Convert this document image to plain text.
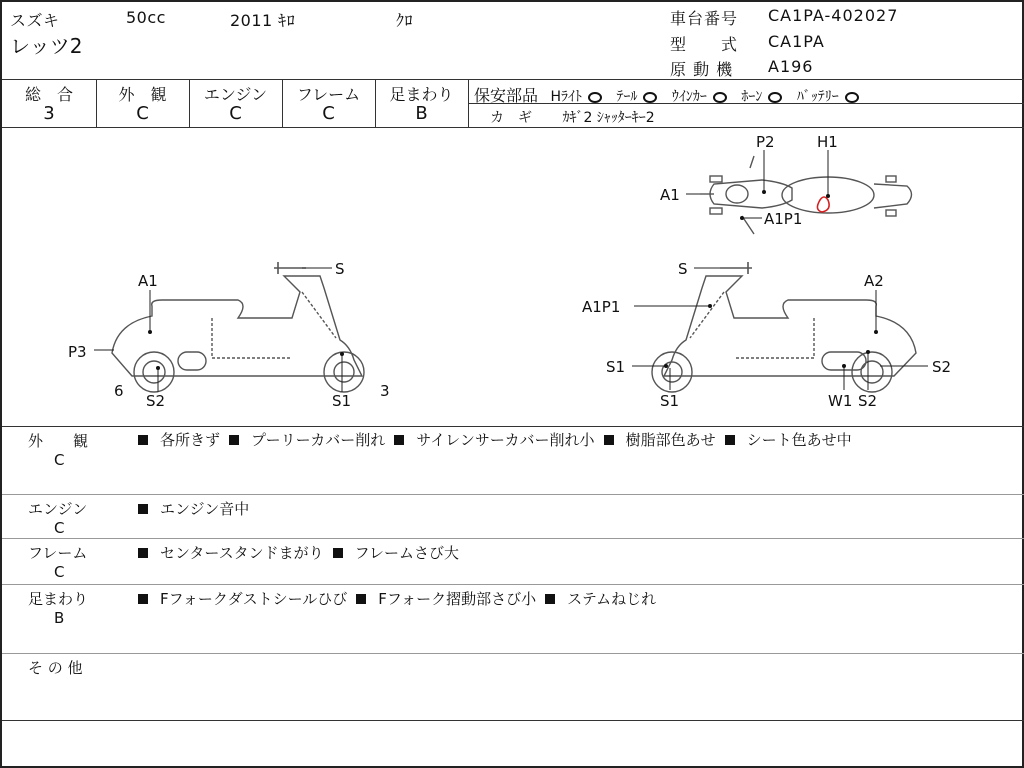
スズキ	50cc	2011 ｷﾛ	ｸﾛ
レッツ2
車台番号 CA1PA-402027
型　　式 CA1PA
原 動 機 A196
総　合
3
外　観
C
エンジン
C
フレーム
C
足まわり
B
保安部品 Hﾗｲﾄ ﾃｰﾙ ｳｲﾝｶｰ ﾎｰﾝ ﾊﾞｯﾃﾘｰ
カ　ギ ｶｷﾞ2 ｼｬｯﾀｰｷｰ2
P2	H1
A1
A1P1
A1
S
P3
6
S2	S1
3
S
A1P1
A2
S1
S1	W1 S2
S2
外　　観
C
各所きず プーリーカバー削れ サイレンサーカバー削れ小 樹脂部色あせ シート色あせ中
エンジン
C
エンジン音中
フレーム
C
センタースタンドまがり フレームさび大
足まわり
B
Fフォークダストシールひび Fフォーク摺動部さび小 ステムねじれ
そ の 他
